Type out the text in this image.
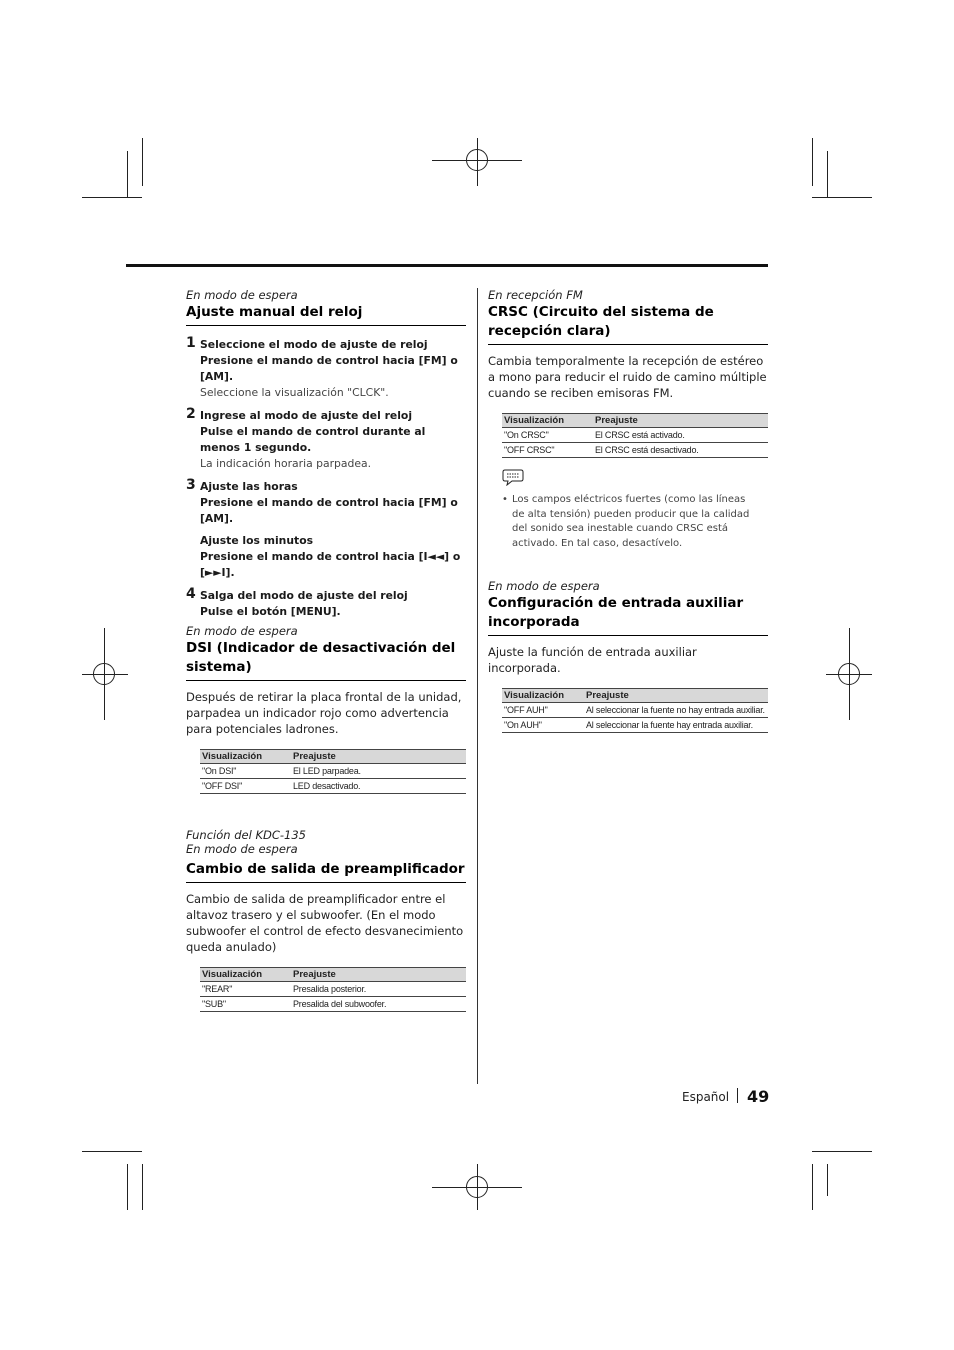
En modo de espera
Ajuste manual del reloj
1 Seleccione el modo de ajuste de reloj
Presione el mando de control hacia [FM] o [AM].
Seleccione la visualización "CLCK".
2 Ingrese al modo de ajuste del reloj
Pulse el mando de control durante al menos 1 segundo.
La indicación horaria parpadea.
3 Ajuste las horas
Presione el mando de control hacia [FM] o [AM].
Ajuste los minutos
Presione el mando de control hacia [I◄◄] o [►►I].
4 Salga del modo de ajuste del reloj
Pulse el botón [MENU].
En modo de espera
DSI (Indicador de desactivación del sistema)
Después de retirar la placa frontal de la unidad, parpadea un indicador rojo como advertencia para potenciales ladrones.
Visualización	Preajuste
"On DSI"	El LED parpadea.
"OFF DSI"	LED desactivado.
Función del KDC-135
En modo de espera
Cambio de salida de preamplificador
Cambio de salida de preamplificador entre el altavoz trasero y el subwoofer. (En el modo subwoofer el control de efecto desvanecimiento queda anulado)
Visualización	Preajuste
"REAR"	Presalida posterior.
"SUB"	Presalida del subwoofer.
En recepción FM
CRSC (Circuito del sistema de recepción clara)
Cambia temporalmente la recepción de estéreo a mono para reducir el ruido de camino múltiple cuando se reciben emisoras FM.
Visualización	Preajuste
"On CRSC"	El CRSC está activado.
"OFF CRSC"	El CRSC está desactivado.
• Los campos eléctricos fuertes (como las líneas de alta tensión) pueden producir que la calidad del sonido sea inestable cuando CRSC está activado. En tal caso, desactívelo.
En modo de espera
Configuración de entrada auxiliar incorporada
Ajuste la función de entrada auxiliar incorporada.
Visualización	Preajuste
"OFF AUH"	Al seleccionar la fuente no hay entrada auxiliar.
"On AUH"	Al seleccionar la fuente hay entrada auxiliar.
Español 49
